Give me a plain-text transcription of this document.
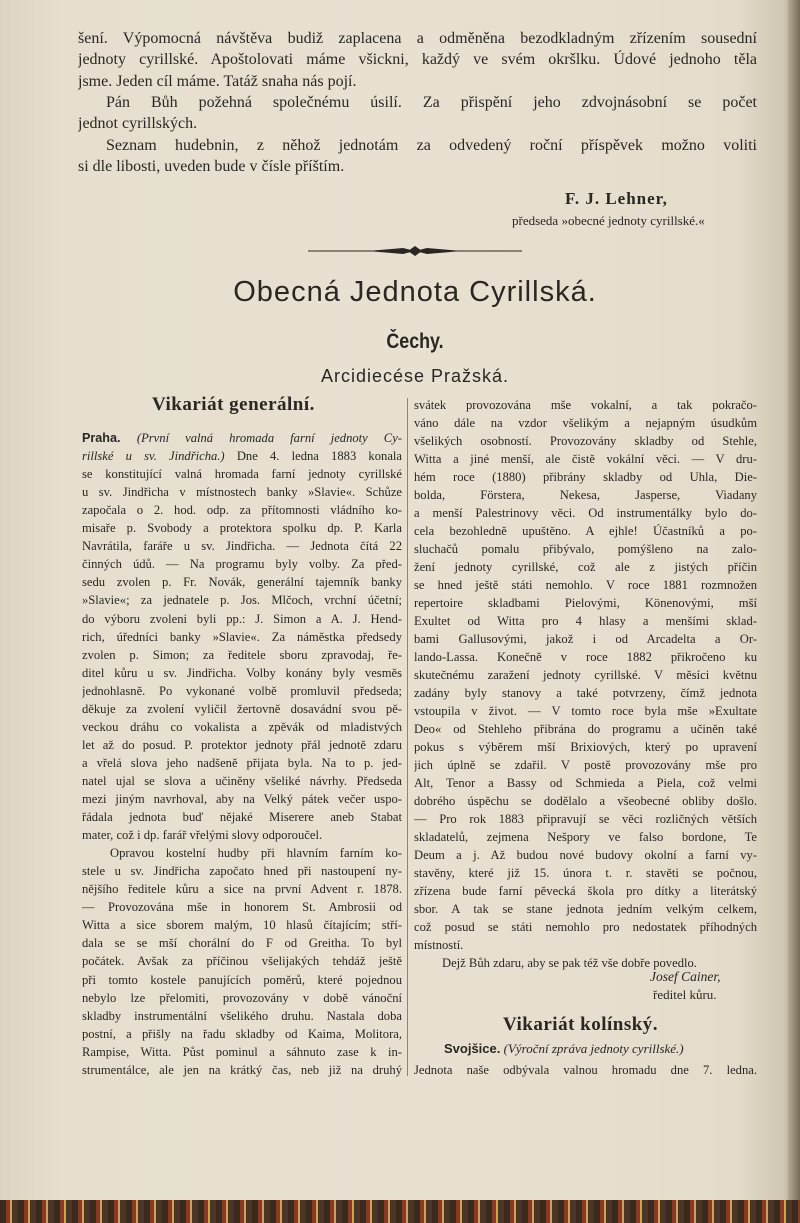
šení. Výpomocná návštěva budiž zaplacena a odměněna bezodkladným zřízením sousední
jednoty cyrillské. Apoštolovati máme všickni, každý ve svém okršlku. Údové jednoho těla
jsme. Jeden cíl máme. Tatáž snaha nás pojí.
Pán Bůh požehná společnému úsilí. Za přispění jeho zdvojnásobní se počet
jednot cyrillských.
Seznam hudebnin, z něhož jednotám za odvedený roční příspěvek možno voliti
si dle libosti, uveden bude v čísle příštím.
F. J. Lehner,
předseda »obecné jednoty cyrillské.«
Obecná Jednota Cyrillská.
Čechy.
Arcidiecése Pražská.
Vikariát generální.
Praha. (První valná hromada farní jednoty Cy-
rillské u sv. Jindřicha.) Dne 4. ledna 1883 konala
se konstitující valná hromada farní jednoty cyrillské
u sv. Jindřicha v místnostech banky »Slavie«. Schůze
započala o 2. hod. odp. za přítomnosti vládního ko-
misaře p. Svobody a protektora spolku dp. P. Karla
Navrátila, faráře u sv. Jindřicha. — Jednota čítá 22
činných údů. — Na programu byly volby. Za před-
sedu zvolen p. Fr. Novák, generální tajemník banky
»Slavie«; za jednatele p. Jos. Mlčoch, vrchní účetní;
do výboru zvoleni byli pp.: J. Simon a A. J. Hend-
rich, úředníci banky »Slavie«. Za náměstka předsedy
zvolen p. Simon; za ředitele sboru zpravodaj, ře-
ditel kůru u sv. Jindřicha. Volby konány byly vesměs
jednohlasně. Po vykonané volbě promluvil předseda;
děkuje za zvolení vyličil žertovně dosavádní svou pě-
veckou dráhu co vokalista a zpěvák od mladistvých
let až do posud. P. protektor jednoty přál jednotě zdaru
a vřelá slova jeho nadšeně přijata byla. Na to p. jed-
natel ujal se slova a učiněny všeliké návrhy. Předseda
mezi jiným navrhoval, aby na Velký pátek večer uspo-
řádala jednota buď nějaké Miserere aneb Stabat
mater, což i dp. farář vřelými slovy odporoučel.
Opravou kostelní hudby při hlavním farním ko-
stele u sv. Jindřicha započato hned při nastoupení ny-
nějšího ředitele kůru a sice na první Advent r. 1878.
— Provozována mše in honorem St. Ambrosii od
Witta a sice sborem malým, 10 hlasů čítajícím; stří-
dala se se mší chorální do F od Greitha. To byl
počátek. Avšak za příčinou všelijakých tehdáž ještě
při tomto kostele panujících poměrů, které pojednou
nebylo lze přelomiti, provozovány v době vánoční
skladby instrumentální všelikého druhu. Nastala doba
postní, a přišly na řadu skladby od Kaima, Molitora,
Rampise, Witta. Půst pominul a sáhnuto zase k in-
strumentálce, ale jen na krátký čas, neb již na druhý
svátek provozována mše vokalní, a tak pokračo-
váno dále na vzdor všelikým a nejapným úsudkům
všelikých osobností. Provozovány skladby od Stehle,
Witta a jiné menší, ale čistě vokální věci. — V dru-
hém roce (1880) přibrány skladby od Uhla, Die-
bolda, Förstera, Nekesa, Jasperse, Viadany
a menší Palestrinovy věci. Od instrumentálky bylo do-
cela bezohledně upuštěno. A ejhle! Účastníků a po-
sluchačů pomalu přibývalo, pomýšleno na zalo-
žení jednoty cyrillské, což ale z jistých příčin
se hned ještě státi nemohlo. V roce 1881 rozmnožen
repertoire skladbami Pielovými, Könenovými, mší
Exultet od Witta pro 4 hlasy a menšími sklad-
bami Gallusovými, jakož i od Arcadelta a Or-
lando-Lassa. Konečně v roce 1882 přikročeno ku
skutečnému zaražení jednoty cyrillské. V měsíci květnu
zadány byly stanovy a také potvrzeny, čímž jednota
vstoupila v život. — V tomto roce byla mše »Exultate
Deo« od Stehleho přibrána do programu a učiněn také
pokus s výběrem mší Brixiových, který po upravení
jich úplně se zdařil. V postě provozovány mše pro
Alt, Tenor a Bassy od Schmieda a Piela, což velmi
dobrého úspěchu se dodělalo a všeobecné obliby došlo.
— Pro rok 1883 připravují se věci rozličných větších
skladatelů, zejmena Nešpory ve falso bordone, Te
Deum a j. Až budou nové budovy okolní a farní vy-
stavěny, které již 15. února t. r. stavěti se počnou,
zřízena bude farní pěvecká škola pro dítky a literátský
sbor. A tak se stane jednota jedním velkým celkem,
což posud se státi nemohlo pro nedostatek příhodných
místností.
Dejž Bůh zdaru, aby se pak též vše dobře povedlo.
Josef Cainer,
ředitel kůru.
Vikariát kolínský.
Svojšice. (Výroční zpráva jednoty cyrillské.)
Jednota naše odbývala valnou hromadu dne 7. ledna.
